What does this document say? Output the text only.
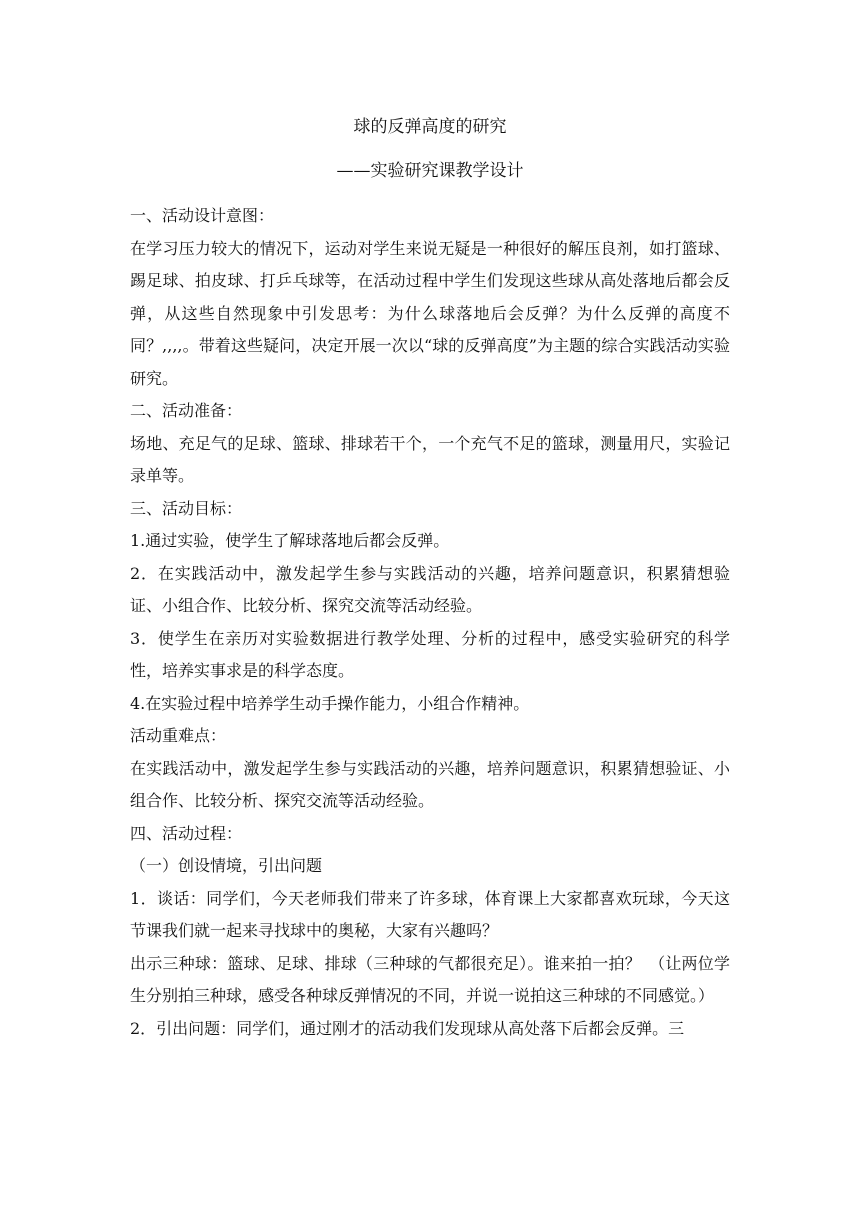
球的反弹高度的研究
——实验研究课教学设计

一、活动设计意图：

在学习压力较大的情况下，运动对学生来说无疑是一种很好的解压良剂，如打篮球、踢足球、拍皮球、打乒乓球等，在活动过程中学生们发现这些球从高处落地后都会反弹，从这些自然现象中引发思考：为什么球落地后会反弹？为什么反弹的高度不同？,,,,。带着这些疑问，决定开展一次以“球的反弹高度”为主题的综合实践活动实验研究。

二、活动准备：

场地、充足气的足球、篮球、排球若干个，一个充气不足的篮球，测量用尺，实验记录单等。

三、活动目标：

1.通过实验，使学生了解球落地后都会反弹。

2．在实践活动中，激发起学生参与实践活动的兴趣，培养问题意识，积累猜想验证、小组合作、比较分析、探究交流等活动经验。

3．使学生在亲历对实验数据进行教学处理、分析的过程中，感受实验研究的科学性，培养实事求是的科学态度。

4.在实验过程中培养学生动手操作能力，小组合作精神。

活动重难点：

在实践活动中，激发起学生参与实践活动的兴趣，培养问题意识，积累猜想验证、小组合作、比较分析、探究交流等活动经验。

四、活动过程：

（一）创设情境，引出问题

1．谈话：同学们，今天老师我们带来了许多球，体育课上大家都喜欢玩球，今天这节课我们就一起来寻找球中的奥秘，大家有兴趣吗？

出示三种球：篮球、足球、排球（三种球的气都很充足）。谁来拍一拍？　（让两位学生分别拍三种球，感受各种球反弹情况的不同，并说一说拍这三种球的不同感觉。）

2．引出问题：同学们，通过刚才的活动我们发现球从高处落下后都会反弹。三
